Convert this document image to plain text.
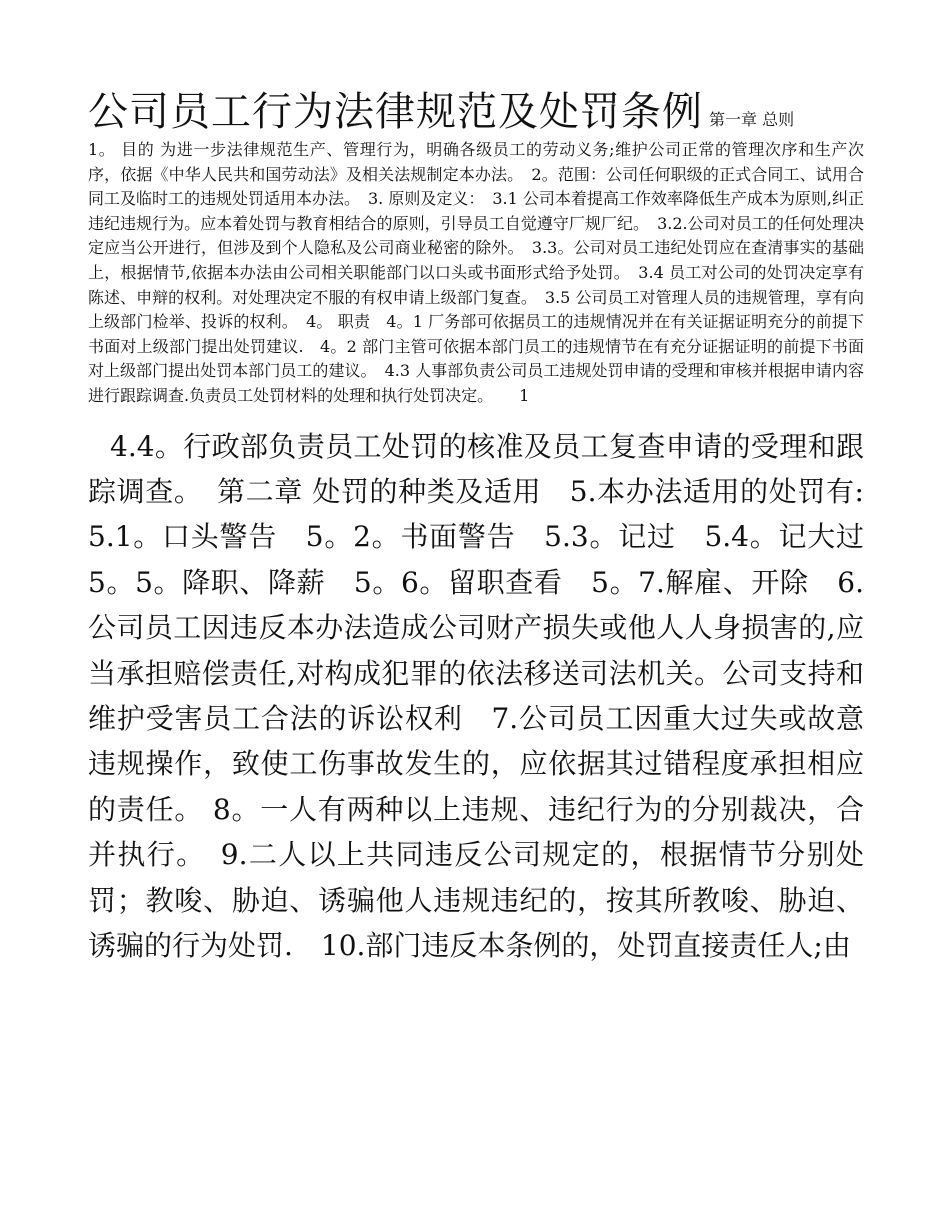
公司员工行为法律规范及处罚条例 第一章 总则
1。 目的 为进一步法律规范生产、管理行为，明确各级员工的劳动义务;维护公司正常的管理次序和生产次序，依据《中华人民共和国劳动法》及相关法规制定本办法。　2。范围：公司任何职级的正式合同工、试用合同工及临时工的违规处罚适用本办法。　3. 原则及定义：　3.1 公司本着提高工作效率降低生产成本为原则,纠正违纪违规行为。应本着处罚与教育相结合的原则，引导员工自觉遵守厂规厂纪。　3.2.公司对员工的任何处理决定应当公开进行，但涉及到个人隐私及公司商业秘密的除外。　3.3。公司对员工违纪处罚应在查清事实的基础上，根据情节,依据本办法由公司相关职能部门以口头或书面形式给予处罚。　3.4 员工对公司的处罚决定享有陈述、申辩的权利。对处理决定不服的有权申请上级部门复查。　3.5 公司员工对管理人员的违规管理，享有向上级部门检举、投诉的权利。　4。 职责　4。1 厂务部可依据员工的违规情况并在有关证据证明充分的前提下书面对上级部门提出处罚建议.　4。2 部门主管可依据本部门员工的违规情节在有充分证据证明的前提下书面对上级部门提出处罚本部门员工的建议。　4.3 人事部负责公司员工违规处罚申请的受理和审核并根据申请内容进行跟踪调查.负责员工处罚材料的处理和执行处罚决定。 1
4.4。行政部负责员工处罚的核准及员工复查申请的受理和跟踪调查。　第二章 处罚的种类及适用　5.本办法适用的处罚有:　5.1。口头警告　5。2。书面警告　5.3。记过　5.4。记大过　5。5。降职、降薪　5。6。留职查看　5。7.解雇、开除　6.公司员工因违反本办法造成公司财产损失或他人人身损害的,应当承担赔偿责任,对构成犯罪的依法移送司法机关。公司支持和维护受害员工合法的诉讼权利　7.公司员工因重大过失或故意违规操作，致使工伤事故发生的，应依据其过错程度承担相应的责任。 8。一人有两种以上违规、违纪行为的分别裁决，合并执行。　9.二人以上共同违反公司规定的，根据情节分别处罚；教唆、胁迫、诱骗他人违规违纪的，按其所教唆、胁迫、诱骗的行为处罚.　10.部门违反本条例的，处罚直接责任人;由
